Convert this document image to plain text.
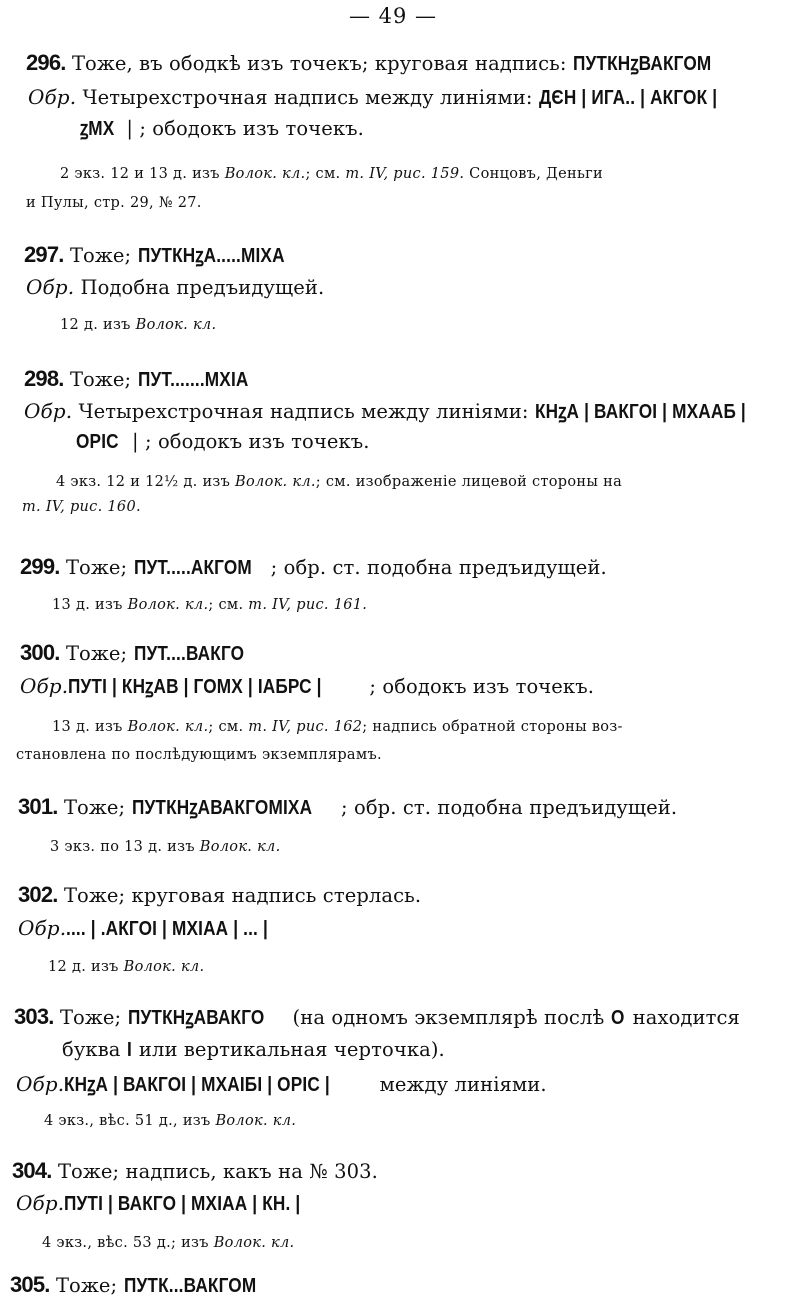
— 49 —
296. Тоже, въ ободкѣ изъ точекъ; круговая надпись: ПУТКНꙁВАКГОМ
Обр. Четырехстрочная надпись между линіями: ДЄН | ИГА.. | АКГОК |
ꙁМХ | ; ободокъ изъ точекъ.
2 экз. 12 и 13 д. изъ Волок. кл.; см. т. IV, рис. 159. Сонцовъ, Деньги
и Пулы, стр. 29, № 27.
297. Тоже; ПУТКНꙁА.....МІХА
Обр. Подобна предъидущей.
12 д. изъ Волок. кл.
298. Тоже; ПУТ.......МХІА
Обр. Четырехстрочная надпись между линіями: КНꙁА | ВАКГОІ | МХААБ |
ОРІС | ; ободокъ изъ точекъ.
4 экз. 12 и 12½ д. изъ Волок. кл.; см. изображеніе лицевой стороны на
т. IV, рис. 160.
299. Тоже; ПУТ.....АКГОМ ; обр. ст. подобна предъидущей.
13 д. изъ Волок. кл.; см. т. IV, рис. 161.
300. Тоже; ПУТ....ВАКГО
Обр.ПУТІ | КНꙁАВ | ГОМХ | ІАБРС | ; ободокъ изъ точекъ.
13 д. изъ Волок. кл.; см. т. IV, рис. 162; надпись обратной стороны воз-
становлена по послѣдующимъ экземплярамъ.
301. Тоже; ПУТКНꙁАВАКГОМІХА ; обр. ст. подобна предъидущей.
3 экз. по 13 д. изъ Волок. кл.
302. Тоже; круговая надпись стерлась.
Обр..... | .АКГОІ | МХІАА | ... |
12 д. изъ Волок. кл.
303. Тоже; ПУТКНꙁАВАКГО (на одномъ экземплярѣ послѣ О находится
буква І или вертикальная черточка).
Обр.КНꙁА | ВАКГОІ | МХАІБІ | ОРІС | между линіями.
4 экз., вѣс. 51 д., изъ Волок. кл.
304. Тоже; надпись, какъ на № 303.
Обр.ПУТІ | ВАКГО | МХІАА | КН. |
4 экз., вѣс. 53 д.; изъ Волок. кл.
305. Тоже; ПУТК...ВАКГОМ
